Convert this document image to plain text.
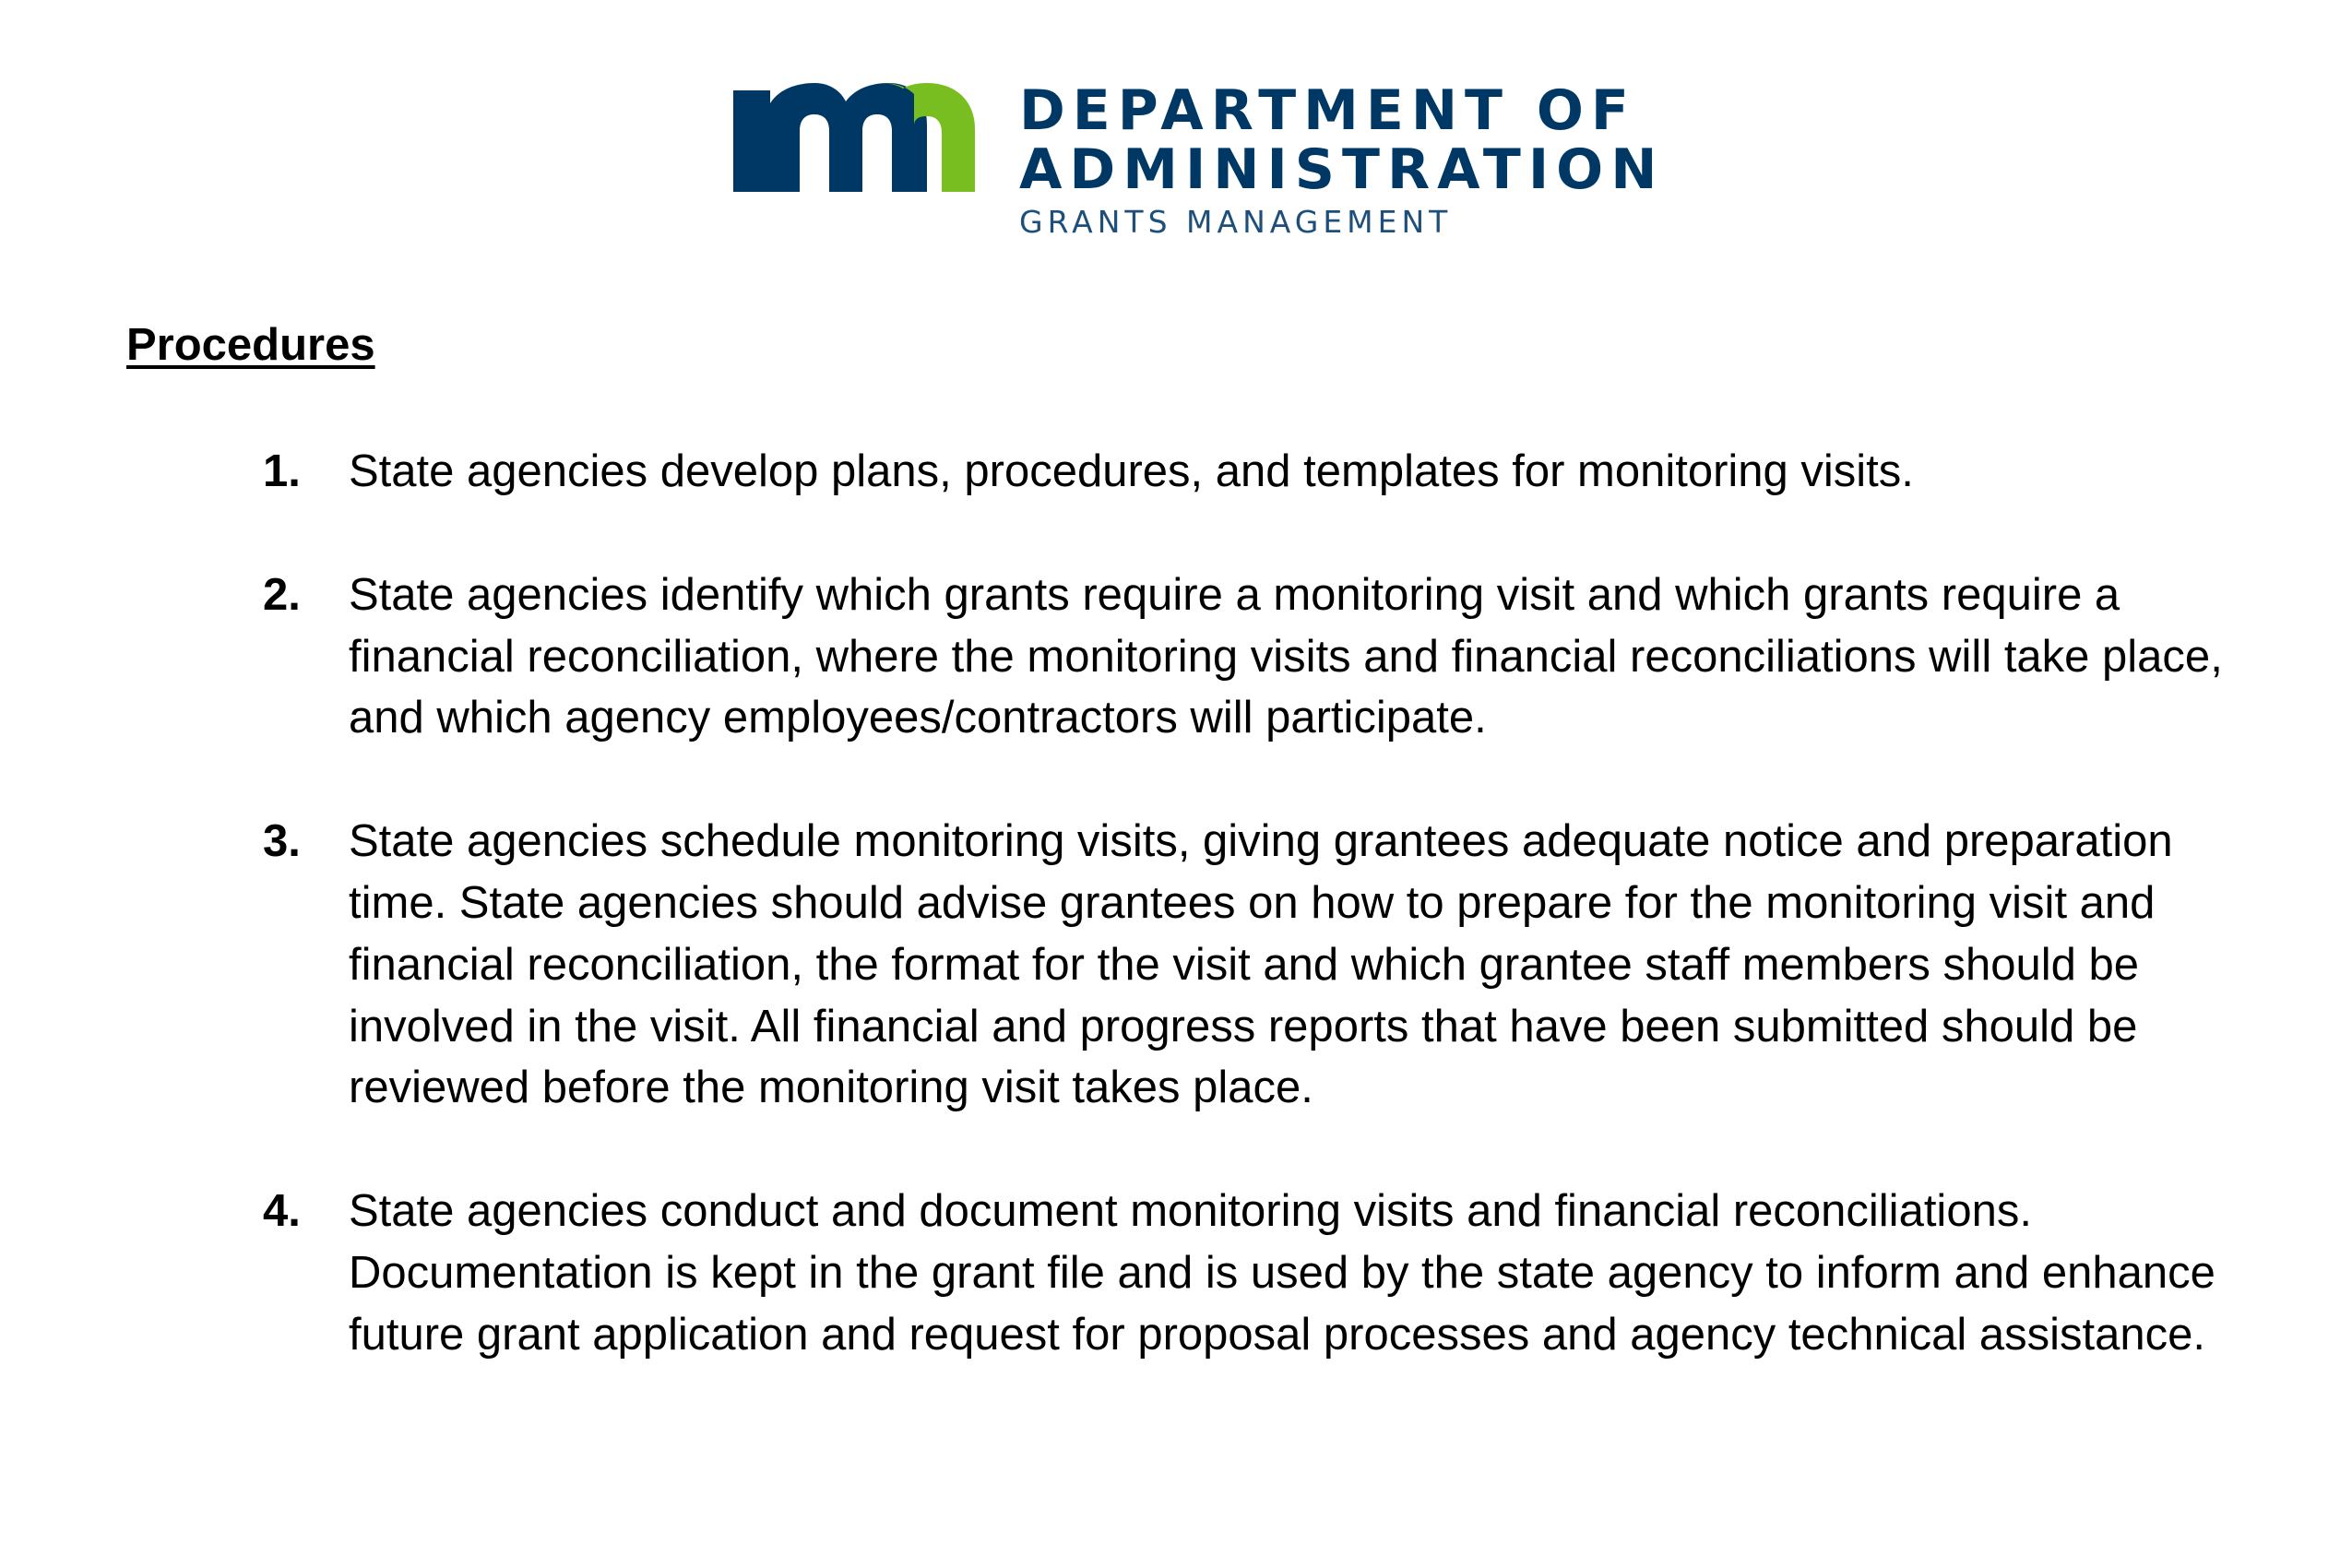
DEPARTMENT OF
ADMINISTRATION
GRANTS MANAGEMENT
Procedures
1. State agencies develop plans, procedures, and templates for monitoring visits.
2. State agencies identify which grants require a monitoring visit and which grants require a financial reconciliation, where the monitoring visits and financial reconciliations will take place, and which agency employees/contractors will participate.
3. State agencies schedule monitoring visits, giving grantees adequate notice and preparation time. State agencies should advise grantees on how to prepare for the monitoring visit and financial reconciliation, the format for the visit and which grantee staff members should be involved in the visit. All financial and progress reports that have been submitted should be reviewed before the monitoring visit takes place.
4. State agencies conduct and document monitoring visits and financial reconciliations. Documentation is kept in the grant file and is used by the state agency to inform and enhance future grant application and request for proposal processes and agency technical assistance.
